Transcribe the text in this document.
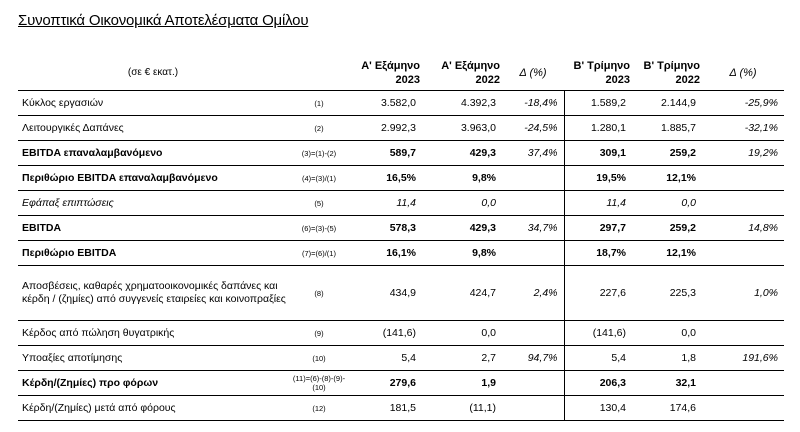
Συνοπτικά Οικονομικά Αποτελέσματα Ομίλου
(σε € εκατ.)		Α' Εξάμηνο 2023	Α' Εξάμηνο 2022	Δ (%)	Β' Τρίμηνο 2023	Β' Τρίμηνο 2022	Δ (%)
Κύκλος εργασιών	(1)	3.582,0	4.392,3	-18,4%	1.589,2	2.144,9	-25,9%
Λειτουργικές Δαπάνες	(2)	2.992,3	3.963,0	-24,5%	1.280,1	1.885,7	-32,1%
EBITDA επαναλαμβανόμενο	(3)=(1)-(2)	589,7	429,3	37,4%	309,1	259,2	19,2%
Περιθώριο EBITDA επαναλαμβανόμενο	(4)=(3)/(1)	16,5%	9,8%		19,5%	12,1%	
Εφάπαξ επιπτώσεις	(5)	11,4	0,0		11,4	0,0	
EBITDA	(6)=(3)-(5)	578,3	429,3	34,7%	297,7	259,2	14,8%
Περιθώριο EBITDA	(7)=(6)/(1)	16,1%	9,8%		18,7%	12,1%	
Αποσβέσεις, καθαρές χρηματοοικονομικές δαπάνες και κέρδη / (ζημίες) από συγγενείς εταιρείες και κοινοπραξίες	(8)	434,9	424,7	2,4%	227,6	225,3	1,0%
Κέρδος από πώληση θυγατρικής	(9)	(141,6)	0,0		(141,6)	0,0	
Υποαξίες αποτίμησης	(10)	5,4	2,7	94,7%	5,4	1,8	191,6%
Κέρδη/(Ζημίες) προ φόρων	(11)=(6)-(8)-(9)-(10)	279,6	1,9		206,3	32,1	
Κέρδη/(Ζημίες) μετά από φόρους	(12)	181,5	(11,1)		130,4	174,6	
